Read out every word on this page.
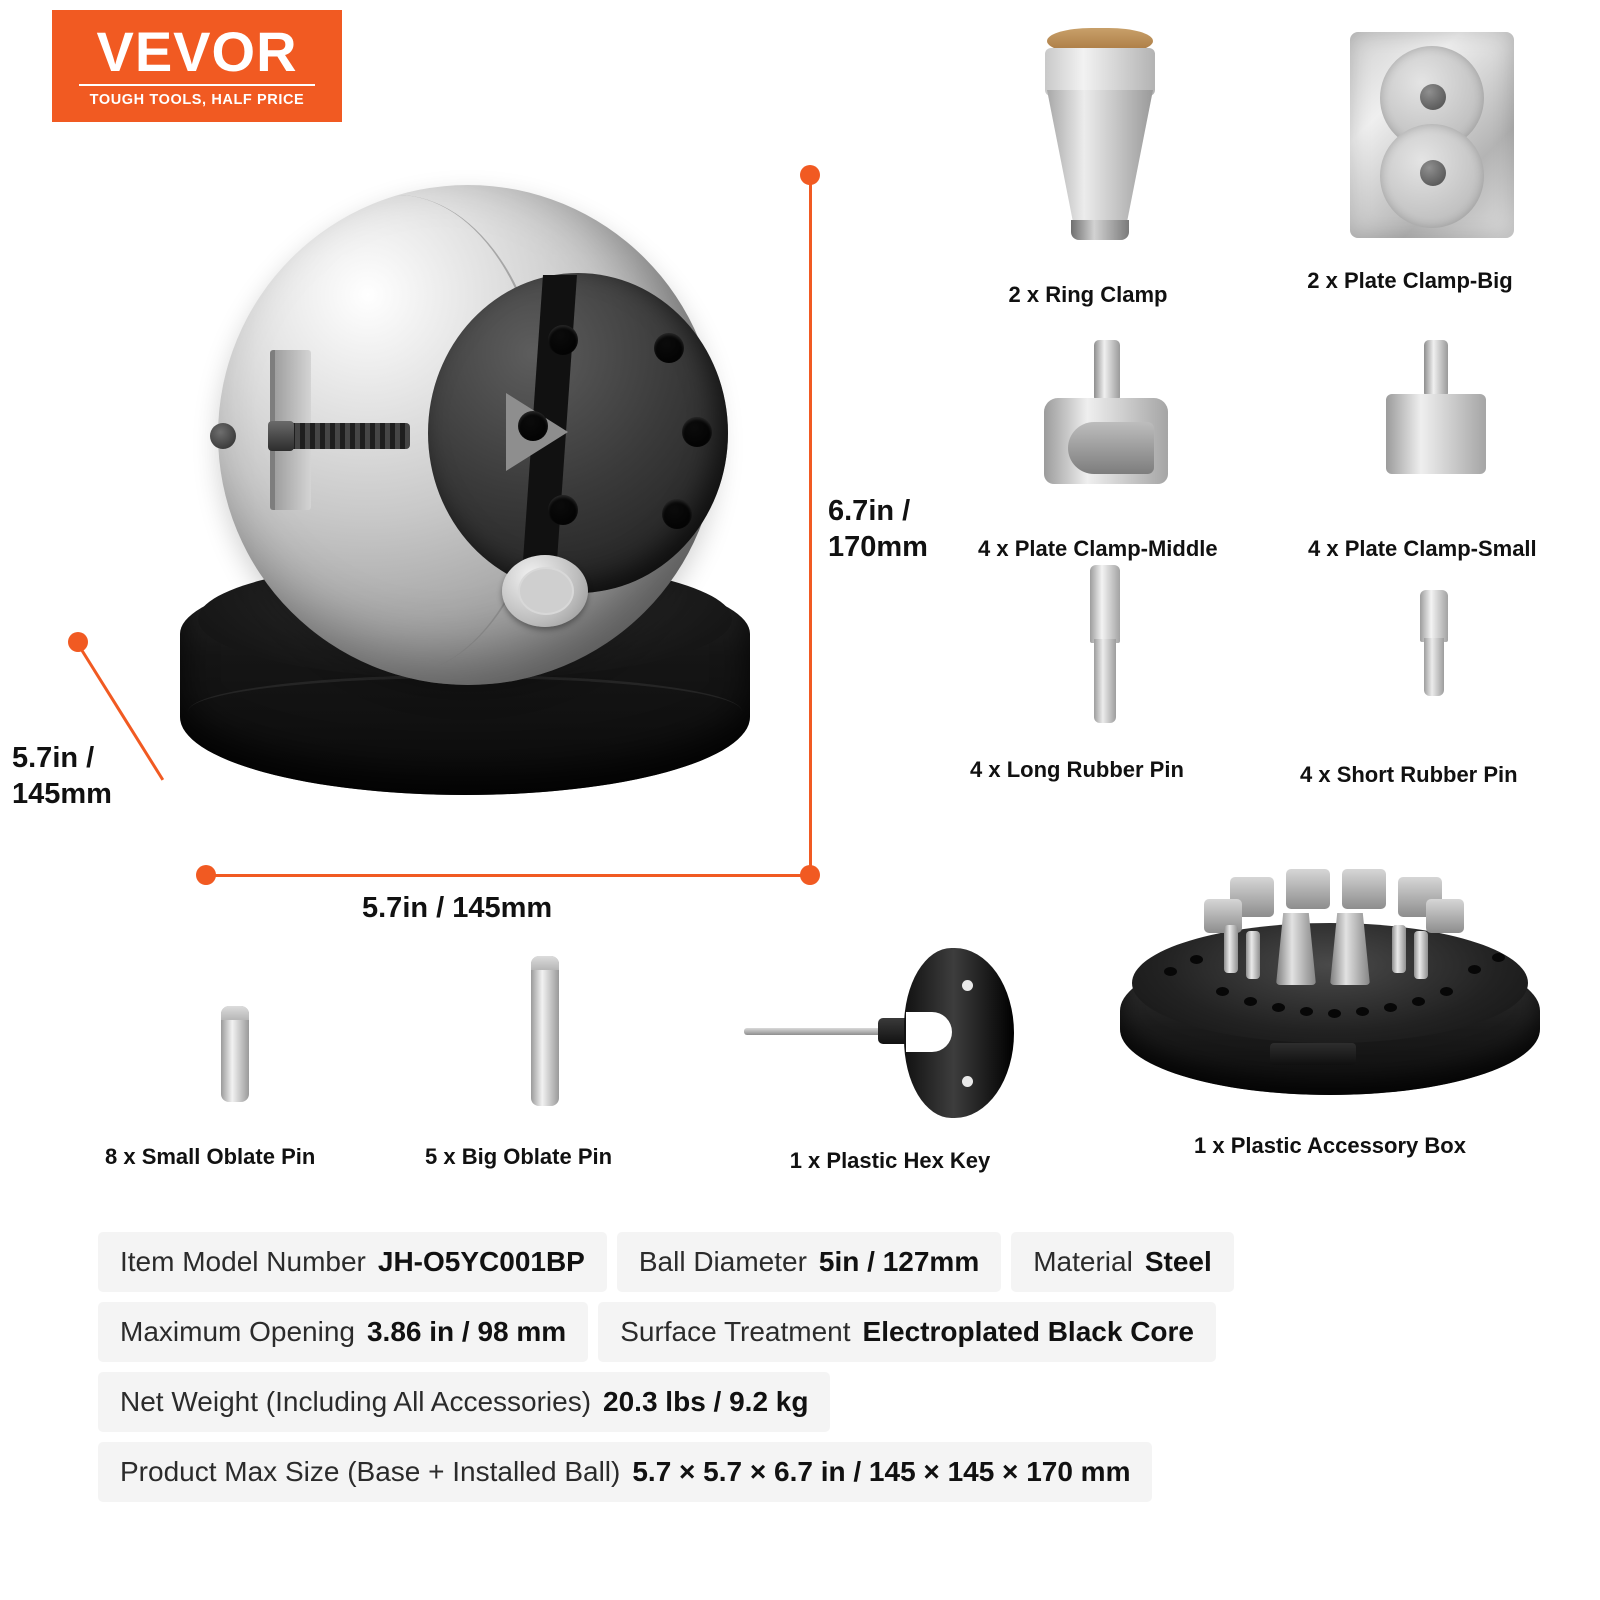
VEVOR
TOUGH TOOLS, HALF PRICE
6.7in /
170mm
5.7in /
145mm
5.7in / 145mm
2 x Ring Clamp
2 x Plate Clamp-Big
4 x Plate Clamp-Middle	4 x Plate Clamp-Small
4 x Long Rubber Pin	4 x Short Rubber Pin
8 x Small Oblate Pin	5 x Big Oblate Pin	1 x Plastic Hex Key
1 x Plastic Accessory Box
Item Model Number JH-O5YC001BP Ball Diameter 5in / 127mm Material Steel
Maximum Opening 3.86 in / 98 mm Surface Treatment Electroplated Black Core
Net Weight (Including All Accessories) 20.3 lbs / 9.2 kg
Product Max Size (Base + Installed Ball) 5.7 × 5.7 × 6.7 in / 145 × 145 × 170 mm
